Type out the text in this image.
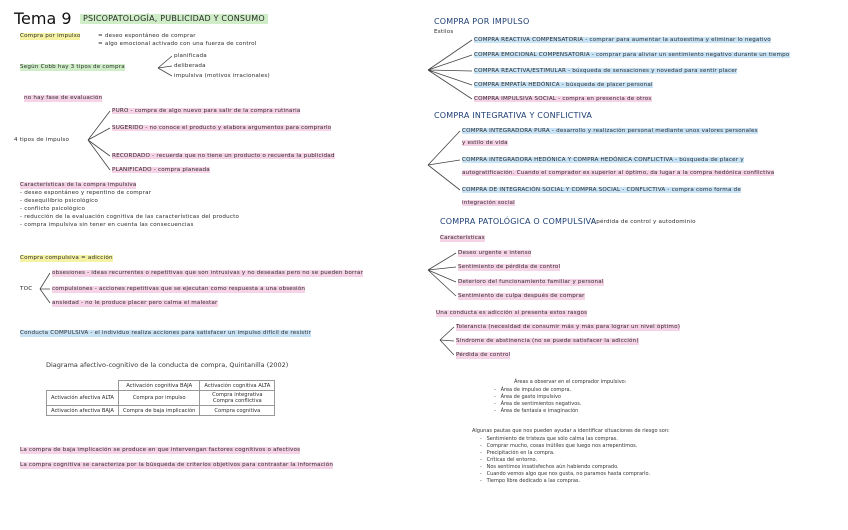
Tema 9	PSICOPATOLOGÍA, PUBLICIDAD Y CONSUMO
Compra por impulso	= deseo espontáneo de comprar
= algo emocional activado con una fuerza de control
Según Cobb hay 3 tipos de compra
planificada
deliberada
impulsiva (motivos irracionales)
no hay fase de evaluación
4 tipos de impulso
PURO - compra de algo nuevo para salir de la compra rutinaria
SUGERIDO - no conoce el producto y elabora argumentos para comprarlo
RECORDADO - recuerda que no tiene un producto o recuerda la publicidad
PLANIFICADO - compra planeada
Características de la compra impulsiva
- deseo espontáneo y repentino de comprar
- desequilibrio psicológico
- conflicto psicológico
- reducción de la evaluación cognitiva de las características del producto
- compra impulsiva sin tener en cuenta las consecuencias
Compra compulsiva = adicción
TOC
obsesiones - ideas recurrentes o repetitivas que son intrusivas y no deseadas pero no se pueden borrar
compulsiones - acciones repetitivas que se ejecutan como respuesta a una obsesión
ansiedad - no le produce placer pero calma el malestar
Conducta COMPULSIVA - el individuo realiza acciones para satisfacer un impulso difícil de resistir
Diagrama afectivo-cognitivo de la conducta de compra, Quintanilla (2002)
	Activación cognitiva BAJA	Activación cognitiva ALTA
Activación afectiva ALTA	Compra por impulso	Compra integrativa
Compra conflictiva

Activación afectiva BAJA	Compra de baja implicación	Compra cognitiva
La compra de baja implicación se produce en que intervengan factores cognitivos o afectivos
La compra cognitiva se caracteriza por la búsqueda de criterios objetivos para contrastar la información
COMPRA POR IMPULSO
Estilos
COMPRA REACTIVA COMPENSATORIA - comprar para aumentar la autoestima y eliminar lo negativo
COMPRA EMOCIONAL COMPENSATORIA - comprar para aliviar un sentimiento negativo durante un tiempo
COMPRA REACTIVA/ESTIMULAR - búsqueda de sensaciones y novedad para sentir placer
COMPRA EMPATÍA HEDÓNICA - búsqueda de placer personal
COMPRA IMPULSIVA SOCIAL - compra en presencia de otros
COMPRA INTEGRATIVA Y CONFLICTIVA
COMPRA INTEGRADORA PURA - desarrollo y realización personal mediante unos valores personales
y estilo de vida
COMPRA INTEGRADORA HEDÓNICA Y COMPRA HEDÓNICA CONFLICTIVA - búsqueda de placer y
autogratificación. Cuando el comprador es superior al óptimo, da lugar a la compra hedónica conflictiva
COMPRA DE INTEGRACIÓN SOCIAL Y COMPRA SOCIAL - CONFLICTIVA - compra como forma de
integración social
COMPRA PATOLÓGICA O COMPULSIVA
- pérdida de control y autodominio
Características
Deseo urgente e intenso
Sentimiento de pérdida de control
Deterioro del funcionamiento familiar y personal
Sentimiento de culpa después de comprar
Una conducta es adicción si presenta estos rasgos
Tolerancia (necesidad de consumir más y más para lograr un nivel óptimo)
Síndrome de abstinencia (no se puede satisfacer la adicción)
Pérdida de control
Áreas a observar en el comprador impulsivo:
-   Área de impulso de compra.
-   Área de gasto impulsivo
-   Área de sentimientos negativos.
-   Área de fantasía e imaginación
Algunas pautas que nos pueden ayudar a identificar situaciones de riesgo son:
-   Sentimiento de tristeza que sólo calma las compras.
-   Comprar mucho, cosas inútiles que luego nos arrepentimos.
-   Precipitación en la compra.
-   Críticas del entorno.
-   Nos sentimos insatisfechos aún habiendo comprado.
-   Cuando vemos algo que nos gusta, no paramos hasta comprarlo.
-   Tiempo libre dedicado a las compras.
